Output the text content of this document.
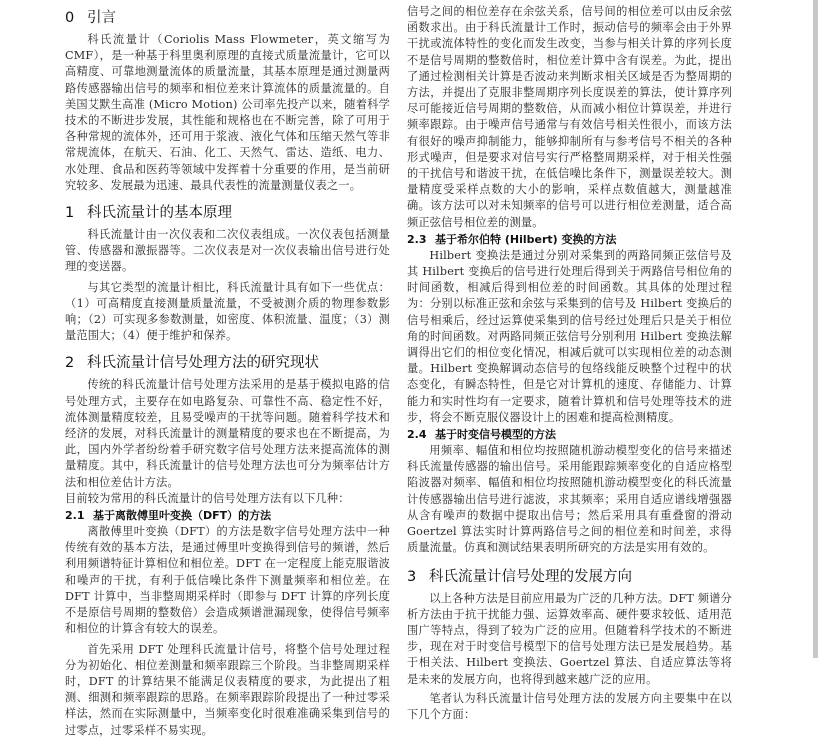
0 引言

科氏流量计（Coriolis Mass Flowmeter，英文缩写为 CMF），是一种基于科里奥利原理的直接式质量流量计，它可以高精度、可靠地测量流体的质量流量，其基本原理是通过测量两路传感器输出信号的频率和相位差来计算流体的质量流量的。自美国艾默生高准 (Micro Motion) 公司率先投产以来，随着科学技术的不断进步发展，其性能和规格也在不断完善，除了可用于各种常规的流体外，还可用于浆液、液化气体和压缩天然气等非常规流体，在航天、石油、化工、天然气、雷达、造纸、电力、水处理、食品和医药等领域中发挥着十分重要的作用，是当前研究较多、发展最为迅速、最具代表性的流量测量仪表之一。

1 科氏流量计的基本原理

科氏流量计由一次仪表和二次仪表组成。一次仪表包括测量管、传感器和激振器等。二次仪表是对一次仪表输出信号进行处理的变送器。

与其它类型的流量计相比，科氏流量计具有如下一些优点：（1）可高精度直接测量质量流量，不受被测介质的物理参数影响；（2）可实现多参数测量，如密度、体积流量、温度；（3）测量范围大；（4）便于维护和保养。

2 科氏流量计信号处理方法的研究现状

传统的科氏流量计信号处理方法采用的是基于模拟电路的信号处理方式，主要存在如电路复杂、可靠性不高、稳定性不好，流体测量精度较差，且易受噪声的干扰等问题。随着科学技术和经济的发展，对科氏流量计的测量精度的要求也在不断提高，为此，国内外学者纷纷着手研究数字信号处理方法来提高流体的测量精度。其中，科氏流量计的信号处理方法也可分为频率估计方法和相位差估计方法。

目前较为常用的科氏流量计的信号处理方法有以下几种：

2.1 基于离散傅里叶变换（DFT）的方法

离散傅里叶变换（DFT）的方法是数字信号处理方法中一种传统有效的基本方法，是通过傅里叶变换得到信号的频谱，然后利用频谱特征计算相位和相位差。DFT 在一定程度上能克服谐波和噪声的干扰，有利于低信噪比条件下测量频率和相位差。在 DFT 计算中，当非整周期采样时（即参与 DFT 计算的序列长度不是原信号周期的整数倍）会造成频谱泄漏现象，使得信号频率和相位的计算含有较大的误差。

首先采用 DFT 处理科氏流量计信号，将整个信号处理过程分为初始化、相位差测量和频率跟踪三个阶段。当非整周期采样时，DFT 的计算结果不能满足仪表精度的要求，为此提出了粗测、细测和频率跟踪的思路。在频率跟踪阶段提出了一种过零采样法，然而在实际测量中，当频率变化时很难准确采集到信号的过零点，过零采样不易实现。

信号之间的相位差存在余弦关系，信号间的相位差可以由反余弦函数求出。由于科氏流量计工作时，振动信号的频率会由于外界干扰或流体特性的变化而发生改变，当参与相关计算的序列长度不是信号周期的整数倍时，相位差计算中含有误差。为此，提出了通过检测相关计算是否波动来判断求相关区域是否为整周期的方法，并提出了克服非整周期序列长度误差的算法，使计算序列尽可能接近信号周期的整数倍，从而减小相位计算误差，并进行频率跟踪。由于噪声信号通常与有效信号相关性很小，而该方法有很好的噪声抑制能力，能够抑制所有与参考信号不相关的各种形式噪声，但是要求对信号实行严格整周期采样，对于相关性强的干扰信号和谐波干扰，在低信噪比条件下，测量误差较大。测量精度受采样点数的大小的影响，采样点数值越大，测量越准确。该方法可以对未知频率的信号可以进行相位差测量，适合高频正弦信号相位差的测量。

2.3 基于希尔伯特 (Hilbert) 变换的方法

Hilbert 变换法是通过分别对采集到的两路同频正弦信号及其 Hilbert 变换后的信号进行处理后得到关于两路信号相位角的时间函数，相减后得到相位差的时间函数。其具体的处理过程为：分别以标准正弦和余弦与采集到的信号及 Hilbert 变换后的信号相乘后，经过运算使采集到的信号经过处理后只是关于相位角的时间函数。对两路同频正弦信号分别利用 Hilbert 变换法解调得出它们的相位变化情况，相减后就可以实现相位差的动态测量。Hilbert 变换解调动态信号的包络线能反映整个过程中的状态变化，有瞬态特性，但是它对计算机的速度、存储能力、计算能力和实时性均有一定要求，随着计算机和信号处理等技术的进步，将会不断克服仪器设计上的困难和提高检测精度。

2.4 基于时变信号模型的方法

用频率、幅值和相位均按照随机游动模型变化的信号来描述科氏流量传感器的输出信号。采用能跟踪频率变化的自适应格型陷波器对频率、幅值和相位均按照随机游动模型变化的科氏流量计传感器输出信号进行滤波，求其频率；采用自适应谱线增强器从含有噪声的数据中提取出信号；然后采用具有重叠窗的滑动 Goertzel 算法实时计算两路信号之间的相位差和时间差，求得质量流量。仿真和测试结果表明所研究的方法是实用有效的。

3 科氏流量计信号处理的发展方向

以上各种方法是目前应用最为广泛的几种方法。DFT 频谱分析方法由于抗干扰能力强、运算效率高、硬件要求较低、适用范围广等特点，得到了较为广泛的应用。但随着科学技术的不断进步，现在对于时变信号模型下的信号处理方法已是发展趋势。基于相关法、Hilbert 变换法、Goertzel 算法、自适应算法等将是未来的发展方向，也将得到越来越广泛的应用。

笔者认为科氏流量计信号处理方法的发展方向主要集中在以下几个方面：
